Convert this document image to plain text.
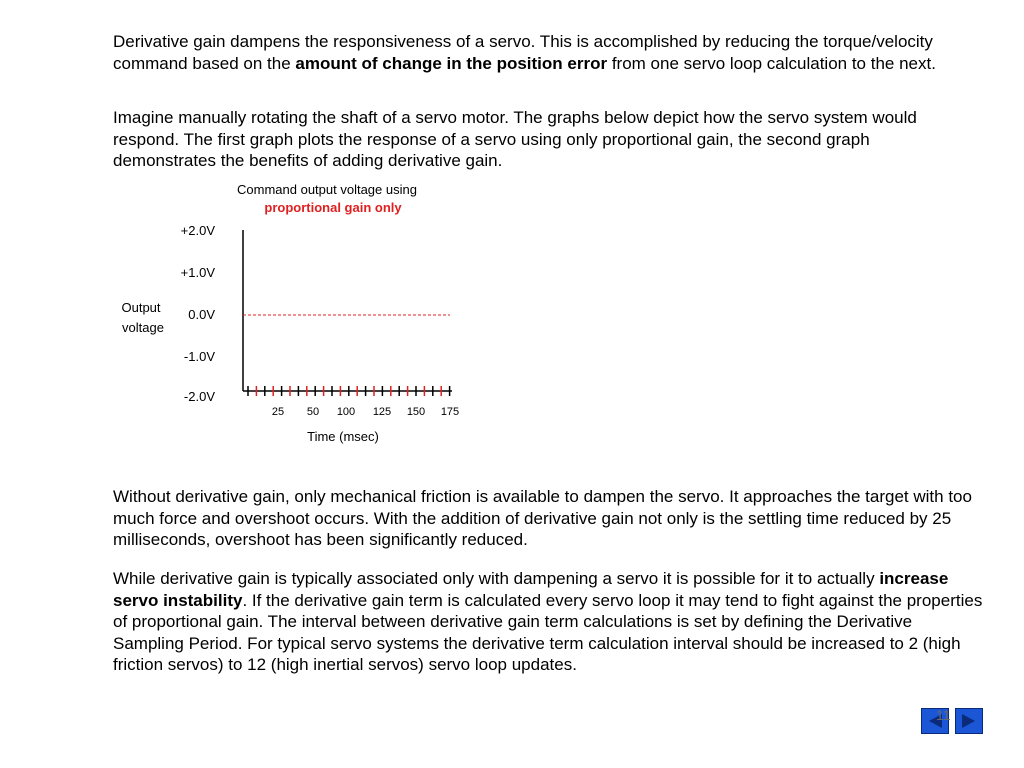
Derivative gain dampens the responsiveness of a servo. This is accomplished by reducing the torque/velocity command based on the amount of change in the position error from one servo loop calculation to the next.

Imagine manually rotating the shaft of a servo motor. The graphs below depict how the servo system would respond. The first graph plots the response of a servo using only proportional gain, the second graph demonstrates the benefits of adding derivative gain.

Command output voltage using
proportional gain only
+2.0V
+1.0V
0.0V
-1.0V
-2.0V
Output
voltage
25 50 100 125 150 175
Time (msec)

Without derivative gain, only mechanical friction is available to dampen the servo. It approaches the target with too much force and overshoot occurs. With the addition of derivative gain not only is the settling time reduced by 25 milliseconds, overshoot has been significantly reduced.

While derivative gain is typically associated only with dampening a servo it is possible for it to actually increase servo instability. If the derivative gain term is calculated every servo loop it may tend to fight against the properties of proportional gain. The interval between derivative gain term calculations is set by defining the Derivative Sampling Period. For typical servo systems the derivative term calculation interval should be increased to 2 (high friction servos) to 12 (high inertial servos) servo loop updates.

11
